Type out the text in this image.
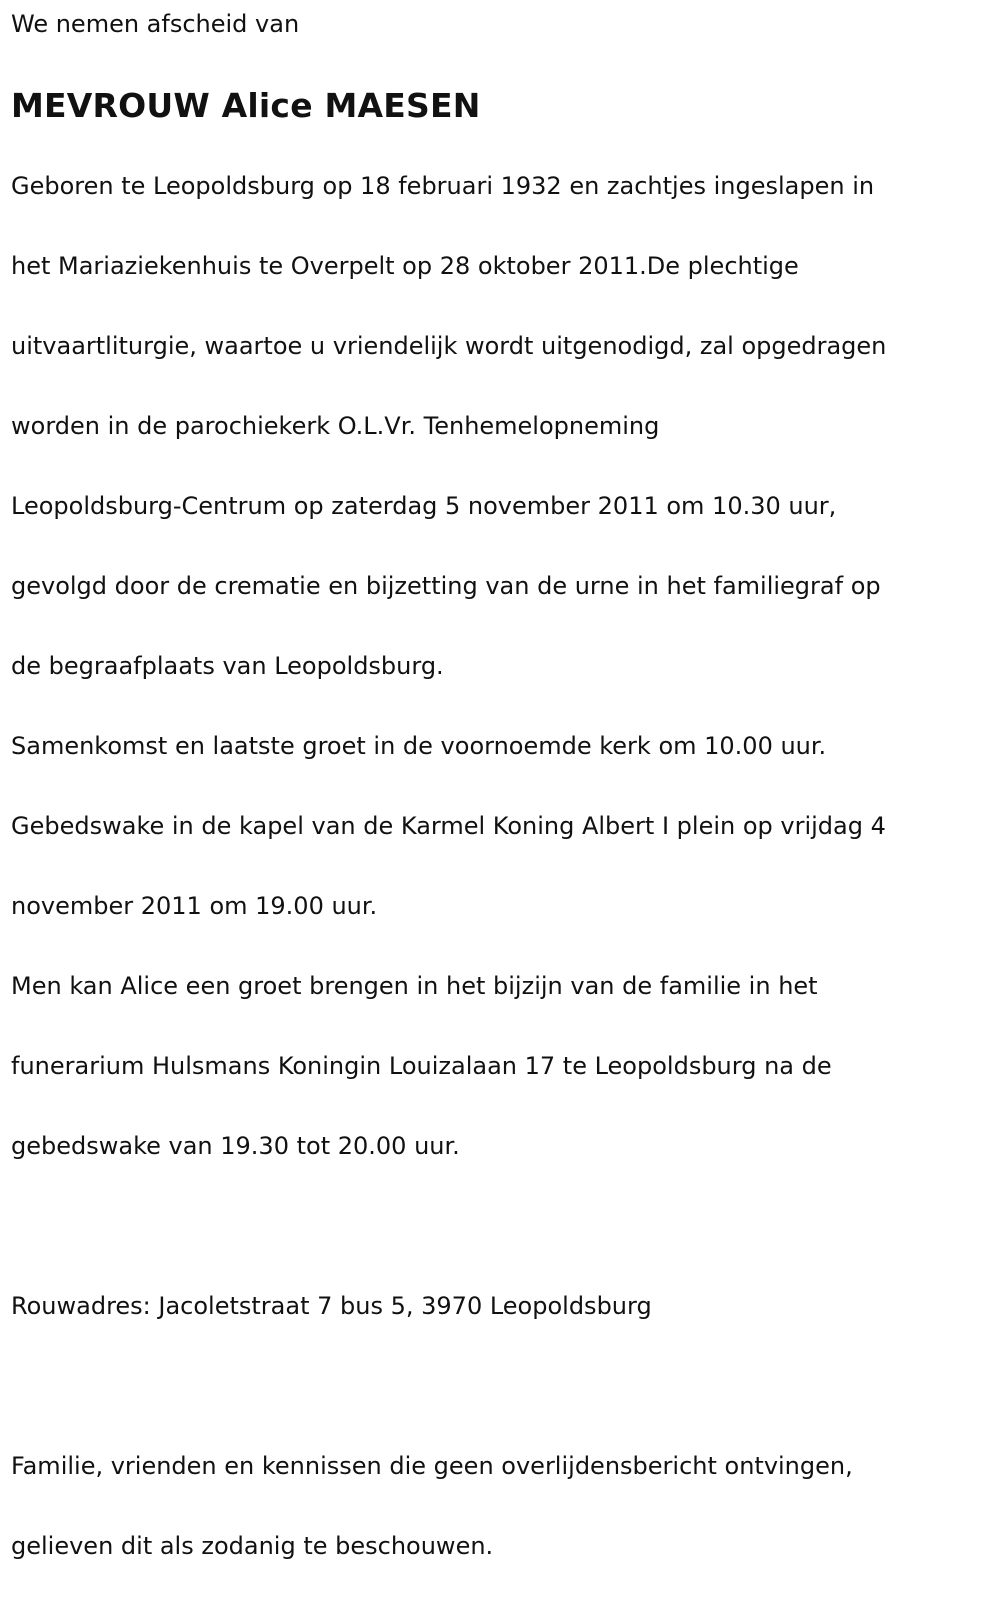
We nemen afscheid van
MEVROUW Alice MAESEN

Geboren te Leopoldsburg op 18 februari 1932 en zachtjes ingeslapen in

het Mariaziekenhuis te Overpelt op 28 oktober 2011.De plechtige

uitvaartliturgie, waartoe u vriendelijk wordt uitgenodigd, zal opgedragen

worden in de parochiekerk O.L.Vr. Tenhemelopneming

Leopoldsburg-Centrum op zaterdag 5 november 2011 om 10.30 uur,

gevolgd door de crematie en bijzetting van de urne in het familiegraf op

de begraafplaats van Leopoldsburg.

Samenkomst en laatste groet in de voornoemde kerk om 10.00 uur.

Gebedswake in de kapel van de Karmel Koning Albert I plein op vrijdag 4

november 2011 om 19.00 uur.

Men kan Alice een groet brengen in het bijzijn van de familie in het

funerarium Hulsmans Koningin Louizalaan 17 te Leopoldsburg na de

gebedswake van 19.30 tot 20.00 uur.

Rouwadres: Jacoletstraat 7 bus 5, 3970 Leopoldsburg

Familie, vrienden en kennissen die geen overlijdensbericht ontvingen,

gelieven dit als zodanig te beschouwen.
